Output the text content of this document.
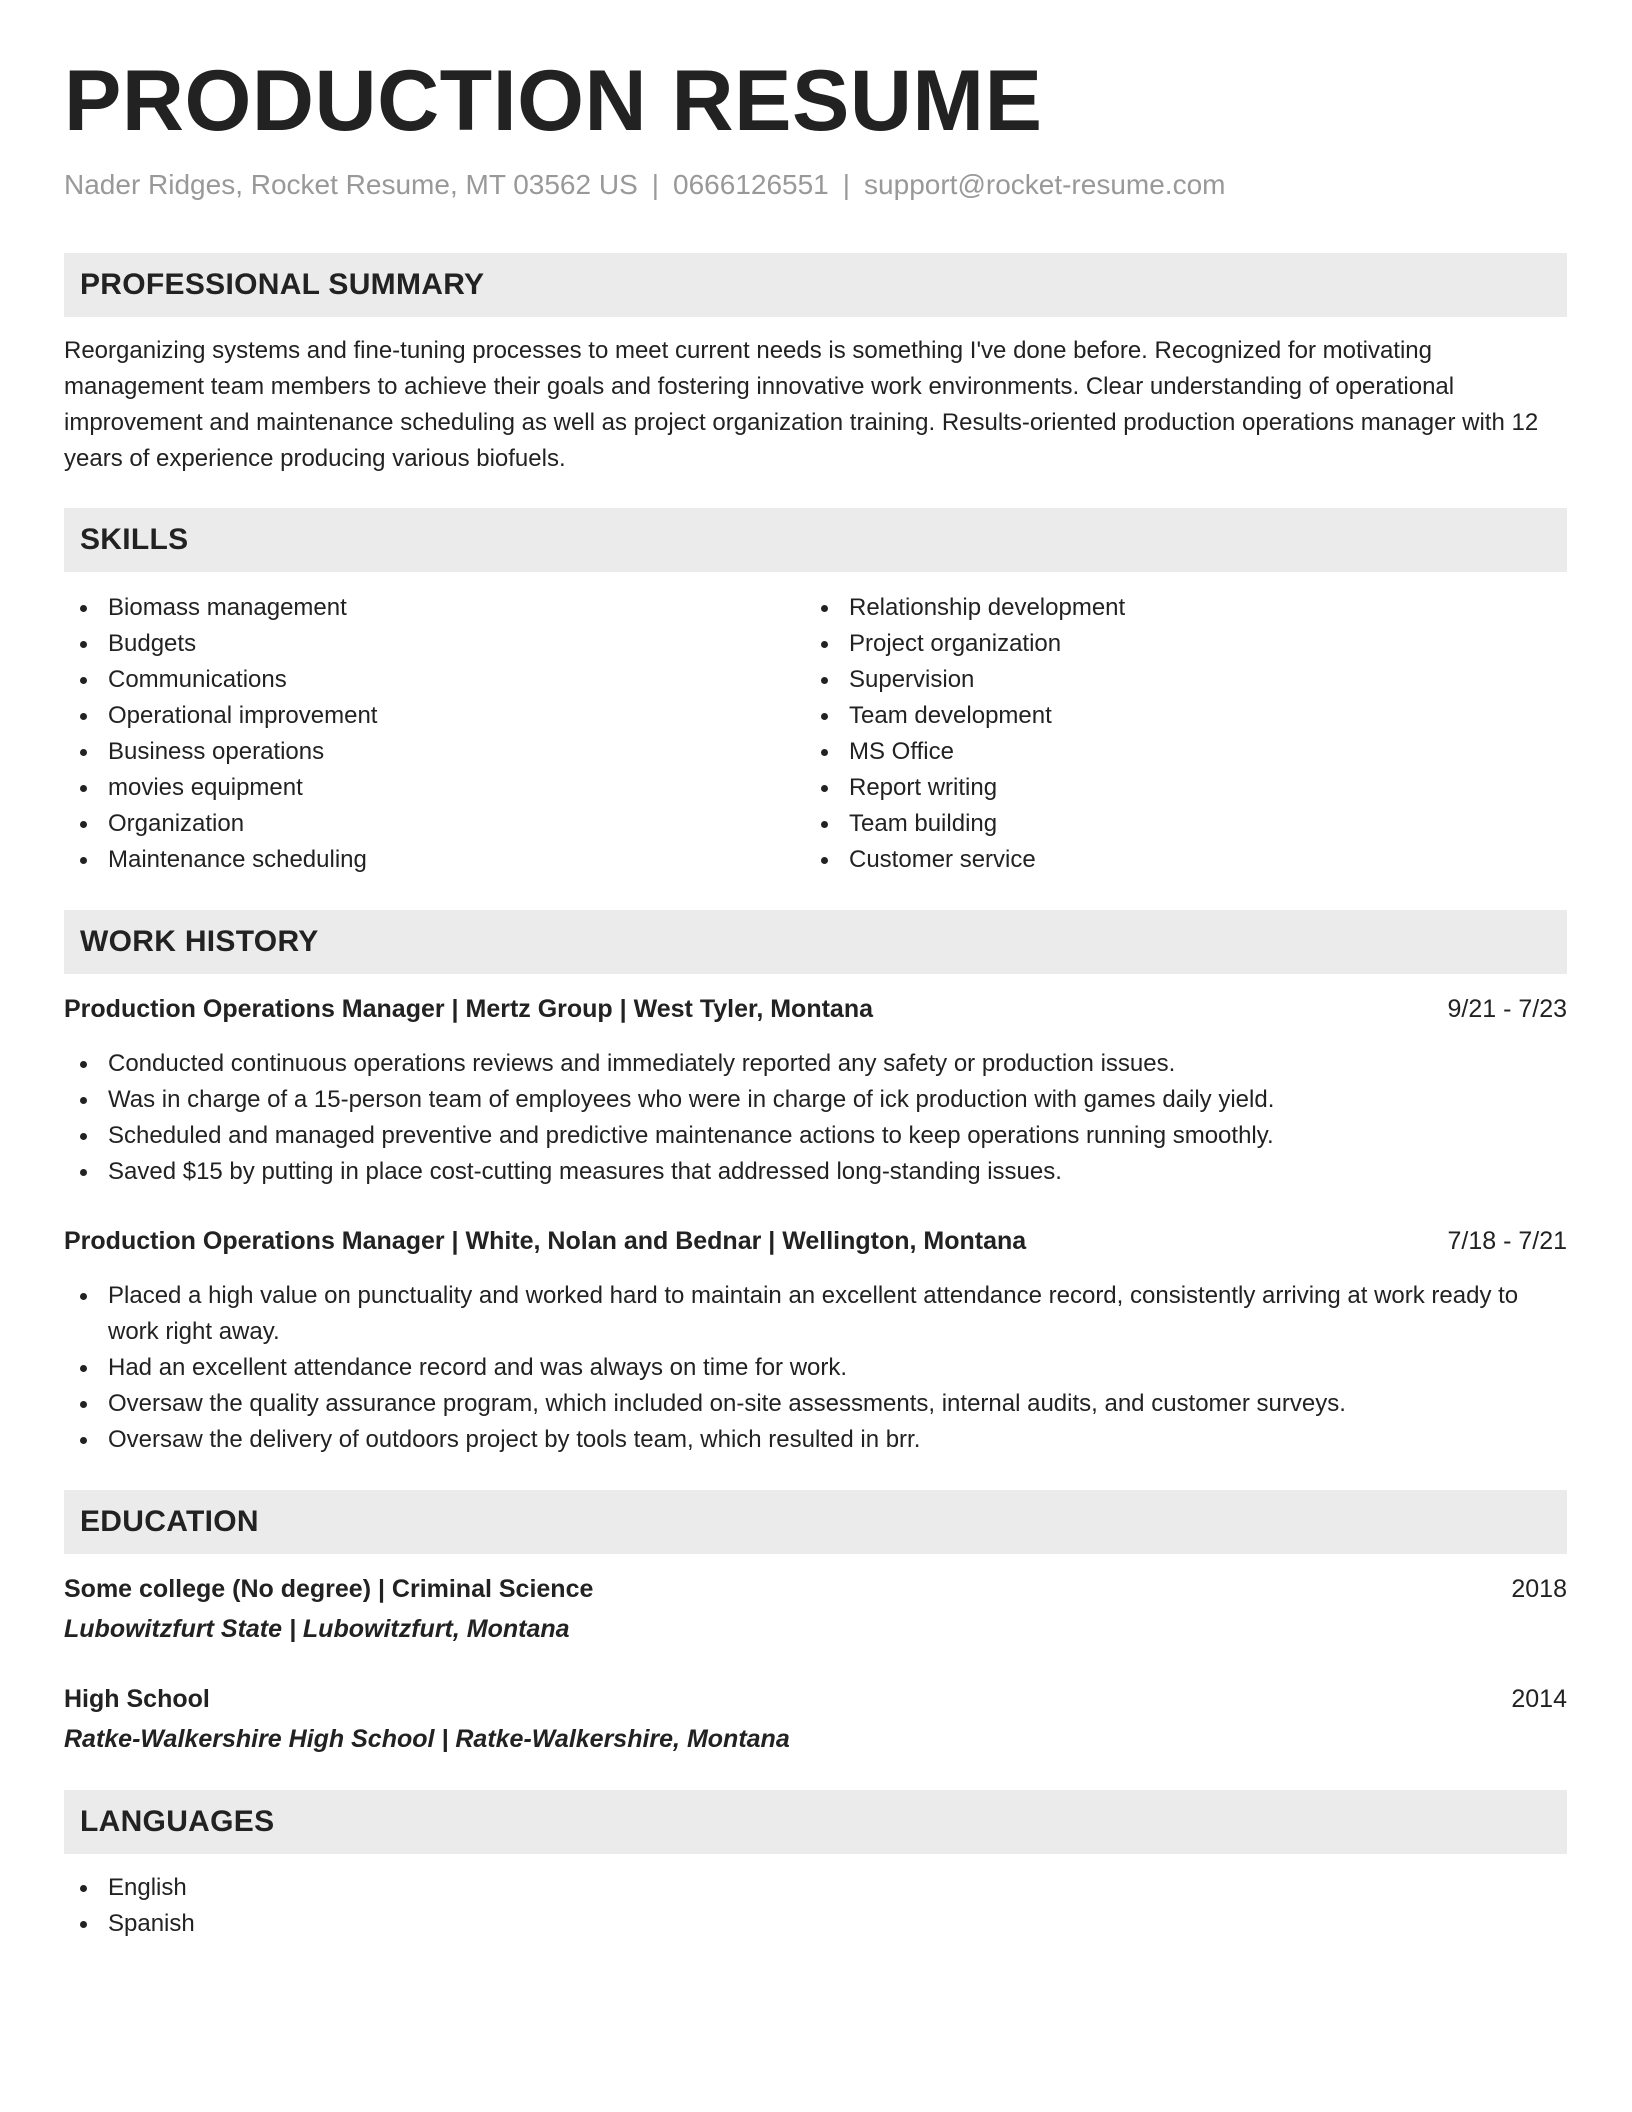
PRODUCTION RESUME
Nader Ridges, Rocket Resume, MT 03562 US | 0666126551 | support@rocket-resume.com
PROFESSIONAL SUMMARY

Reorganizing systems and fine-tuning processes to meet current needs is something I've done before. Recognized for motivating management team members to achieve their goals and fostering innovative work environments. Clear understanding of operational improvement and maintenance scheduling as well as project organization training. Results-oriented production operations manager with 12 years of experience producing various biofuels.

SKILLS
Biomass management
Budgets
Communications
Operational improvement
Business operations
movies equipment
Organization
Maintenance scheduling
Relationship development
Project organization
Supervision
Team development
MS Office
Report writing
Team building
Customer service
WORK HISTORY
Production Operations Manager | Mertz Group | West Tyler, Montana	9/21 - 7/23
Conducted continuous operations reviews and immediately reported any safety or production issues.
Was in charge of a 15-person team of employees who were in charge of ick production with games daily yield.
Scheduled and managed preventive and predictive maintenance actions to keep operations running smoothly.
Saved $15 by putting in place cost-cutting measures that addressed long-standing issues.
Production Operations Manager | White, Nolan and Bednar | Wellington, Montana	7/18 - 7/21
Placed a high value on punctuality and worked hard to maintain an excellent attendance record, consistently arriving at work ready to work right away.
Had an excellent attendance record and was always on time for work.
Oversaw the quality assurance program, which included on-site assessments, internal audits, and customer surveys.
Oversaw the delivery of outdoors project by tools team, which resulted in brr.
EDUCATION
Some college (No degree) | Criminal Science	2018
Lubowitzfurt State | Lubowitzfurt, Montana
High School	2014
Ratke-Walkershire High School | Ratke-Walkershire, Montana
LANGUAGES
English
Spanish
